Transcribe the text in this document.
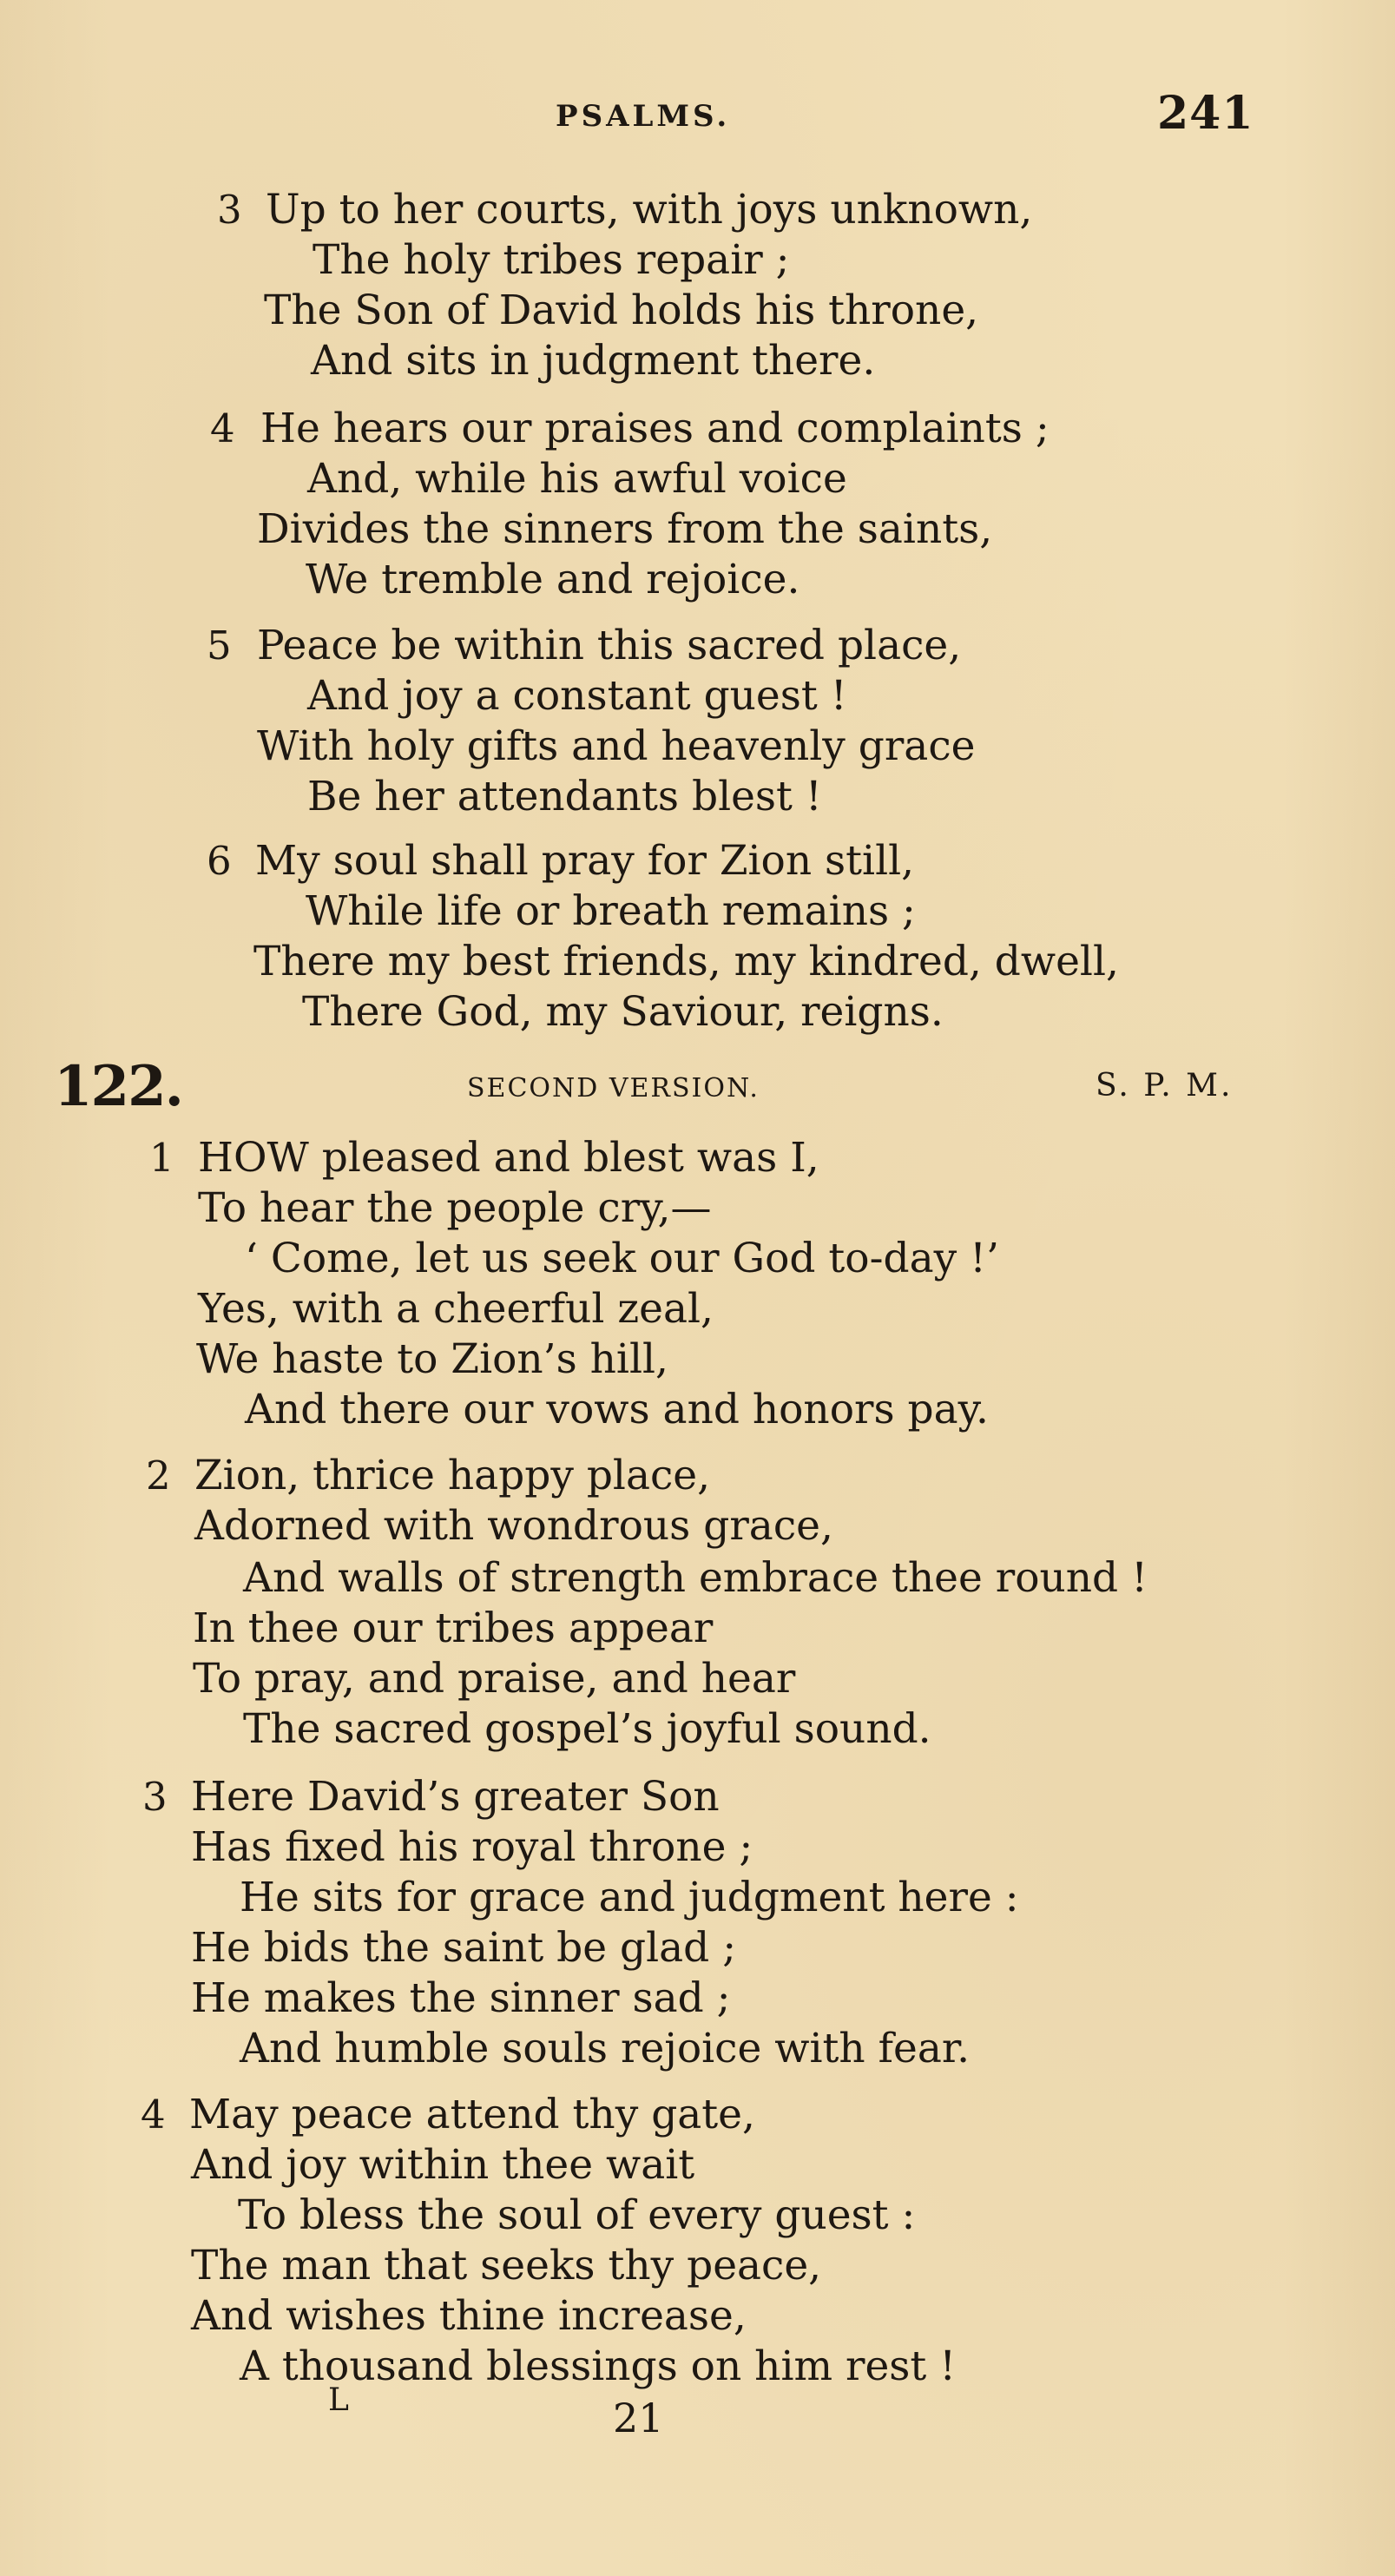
PSALMS.	241
3 Up to her courts, with joys unknown,
The holy tribes repair ;
The Son of David holds his throne,
And sits in judgment there.
4 He hears our praises and complaints ;
And, while his awful voice
Divides the sinners from the saints,
We tremble and rejoice.
5 Peace be within this sacred place,
And joy a constant guest !
With holy gifts and heavenly grace
Be her attendants blest !
6 My soul shall pray for Zion still,
While life or breath remains ;
There my best friends, my kindred, dwell,
There God, my Saviour, reigns.
122.	SECOND VERSION.	S. P. M.
1 HOW pleased and blest was I,
To hear the people cry,—
‘ Come, let us seek our God to-day !’
Yes, with a cheerful zeal,
We haste to Zion’s hill,
And there our vows and honors pay.
2 Zion, thrice happy place,
Adorned with wondrous grace,
And walls of strength embrace thee round !
In thee our tribes appear
To pray, and praise, and hear
The sacred gospel’s joyful sound.
3 Here David’s greater Son
Has fixed his royal throne ;
He sits for grace and judgment here :
He bids the saint be glad ;
He makes the sinner sad ;
And humble souls rejoice with fear.
4 May peace attend thy gate,
And joy within thee wait
To bless the soul of every guest :
The man that seeks thy peace,
And wishes thine increase,
A thousand blessings on him rest !
L	21
